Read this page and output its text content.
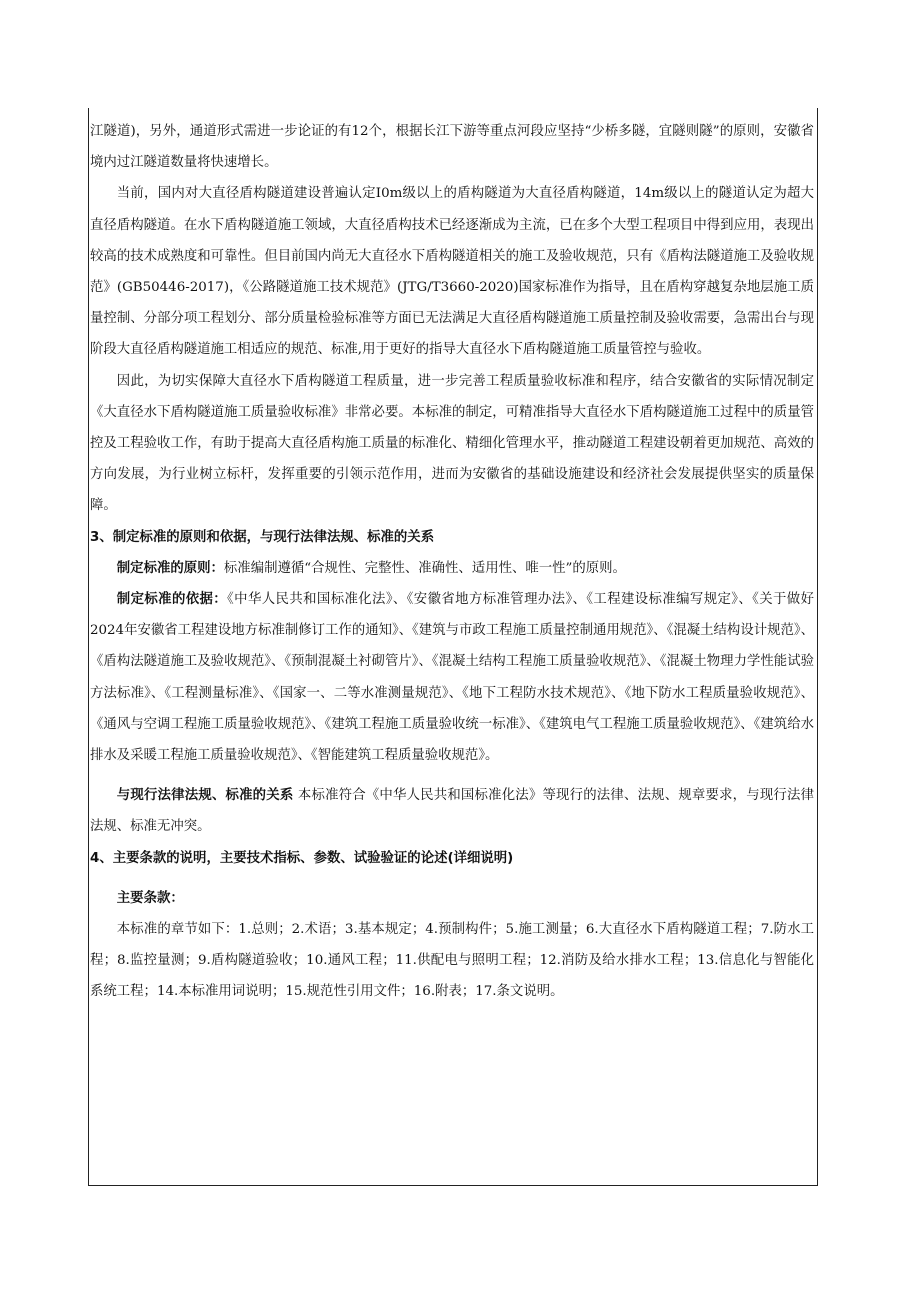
江隧道)，另外，通道形式需进一步论证的有12个，根据长江下游等重点河段应坚持“少桥多隧，宜隧则隧”的原则，安徽省境内过江隧道数量将快速增长。

当前，国内对大直径盾构隧道建设普遍认定I0m级以上的盾构隧道为大直径盾构隧道，14m级以上的隧道认定为超大直径盾构隧道。在水下盾构隧道施工领域，大直径盾构技术已经逐渐成为主流，已在多个大型工程项目中得到应用，表现出较高的技术成熟度和可靠性。但目前国内尚无大直径水下盾构隧道相关的施工及验收规范，只有《盾构法隧道施工及验收规范》(GB50446-2017)，《公路隧道施工技术规范》(JTG/T3660-2020)国家标准作为指导，且在盾构穿越复杂地层施工质量控制、分部分项工程划分、部分质量检验标准等方面已无法满足大直径盾构隧道施工质量控制及验收需要，急需出台与现阶段大直径盾构隧道施工相适应的规范、标准,用于更好的指导大直径水下盾构隧道施工质量管控与验收。

因此，为切实保障大直径水下盾构隧道工程质量，进一步完善工程质量验收标准和程序，结合安徽省的实际情况制定《大直径水下盾构隧道施工质量验收标准》非常必要。本标准的制定，可精准指导大直径水下盾构隧道施工过程中的质量管控及工程验收工作，有助于提高大直径盾构施工质量的标准化、精细化管理水平，推动隧道工程建设朝着更加规范、高效的方向发展，为行业树立标杆，发挥重要的引领示范作用，进而为安徽省的基础设施建设和经济社会发展提供坚实的质量保障。

3、制定标准的原则和依据，与现行法律法规、标准的关系

制定标准的原则：标准编制遵循“合规性、完整性、准确性、适用性、唯一性”的原则。

制定标准的依据：《中华人民共和国标准化法》、《安徽省地方标准管理办法》、《工程建设标准编写规定》、《关于做好2024年安徽省工程建设地方标准制修订工作的通知》、《建筑与市政工程施工质量控制通用规范》、《混凝土结构设计规范》、《盾构法隧道施工及验收规范》、《预制混凝土衬砌管片》、《混凝土结构工程施工质量验收规范》、《混凝土物理力学性能试验方法标准》、《工程测量标准》、《国家一、二等水准测量规范》、《地下工程防水技术规范》、《地下防水工程质量验收规范》、《通风与空调工程施工质量验收规范》、《建筑工程施工质量验收统一标准》、《建筑电气工程施工质量验收规范》、《建筑给水排水及采暖工程施工质量验收规范》、《智能建筑工程质量验收规范》。

与现行法律法规、标准的关系 本标准符合《中华人民共和国标准化法》等现行的法律、法规、规章要求，与现行法律法规、标准无冲突。

4、主要条款的说明，主要技术指标、参数、试验验证的论述(详细说明)

主要条款：

本标准的章节如下：1.总则；2.术语；3.基本规定；4.预制构件；5.施工测量；6.大直径水下盾构隧道工程；7.防水工程；8.监控量测；9.盾构隧道验收；10.通风工程；11.供配电与照明工程；12.消防及给水排水工程；13.信息化与智能化系统工程；14.本标准用词说明；15.规范性引用文件；16.附表；17.条文说明。
